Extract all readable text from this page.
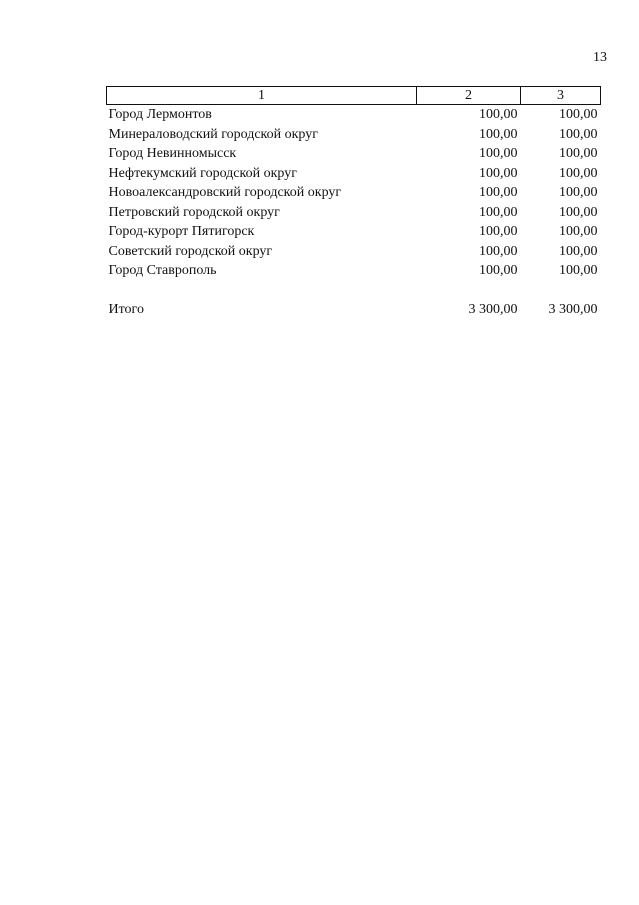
13
1	2	3
Город Лермонтов	100,00	100,00
Минераловодский городской округ	100,00	100,00
Город Невинномысск	100,00	100,00
Нефтекумский городской округ	100,00	100,00
Новоалександровский городской округ	100,00	100,00
Петровский городской округ	100,00	100,00
Город-курорт Пятигорск	100,00	100,00
Советский городской округ	100,00	100,00
Город Ставрополь	100,00	100,00

Итого	3 300,00	3 300,00
